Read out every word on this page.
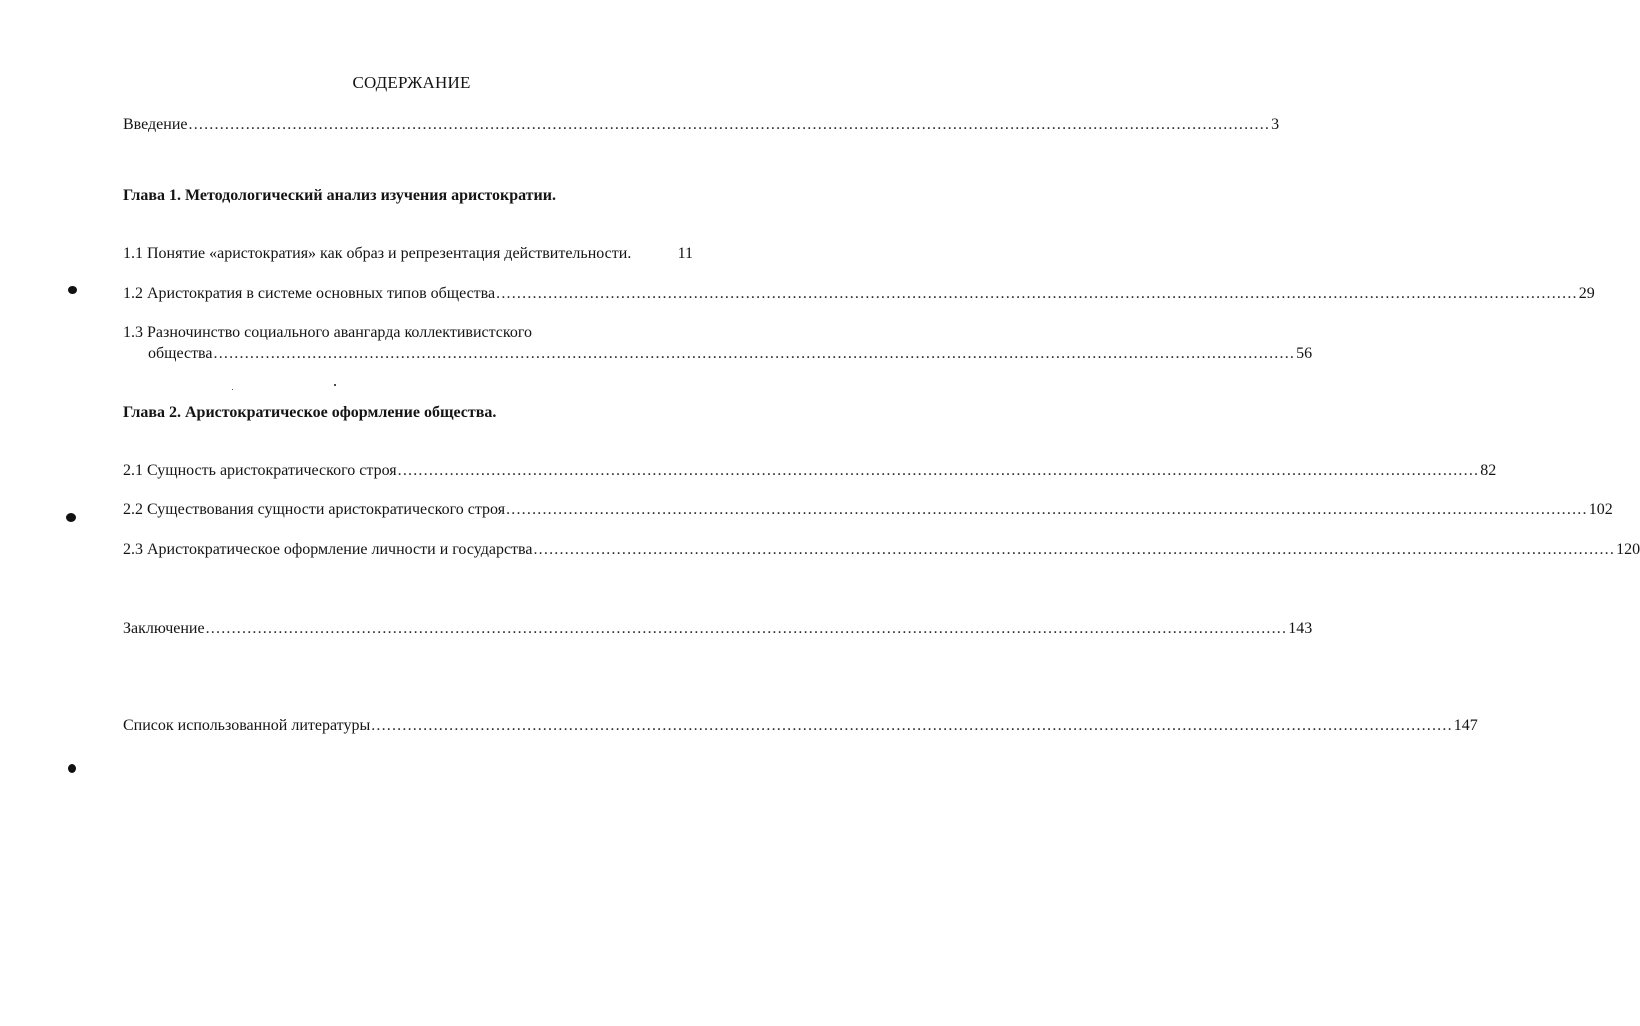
СОДЕРЖАНИЕ
Введение ................................................................................................................................................................................................................ 3
Глава 1. Методологический анализ изучения аристократии.
1.1 Понятие «аристократия» как образ и репрезентация действительности.	11
1.2 Аристократия в системе основных типов общества ................................................................................................................................................................................................................ 29
1.3 Разночинство социального авангарда коллективистского
общества ................................................................................................................................................................................................................ 56
Глава 2. Аристократическое оформление общества.
2.1 Сущность аристократического строя ................................................................................................................................................................................................................ 82
2.2 Существования сущности аристократического строя ................................................................................................................................................................................................................ 102
2.3 Аристократическое оформление личности и государства ................................................................................................................................................................................................................ 120
Заключение ................................................................................................................................................................................................................ 143
Список использованной литературы ................................................................................................................................................................................................................ 147
